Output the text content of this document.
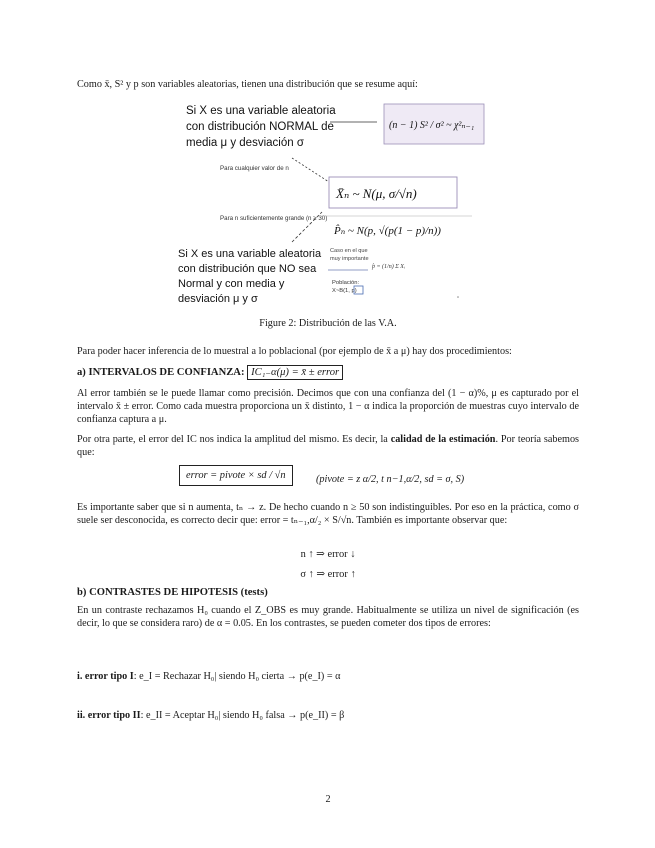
Como x̄, S² y p son variables aleatorias, tienen una distribución que se resume aquí:

Si X es una variable aleatoria
con distribución NORMAL de
media μ y desviación σ
(n − 1) S² / σ² ~ χ²ₙ₋₁
Para cualquier valor de n
X̄ₙ ~ N(μ, σ/√n)
Para n suficientemente grande (n ≥ 30)
P̂ₙ ~ N(p, √(p(1 − p)/n))
Si X es una variable aleatoria
con distribución que NO sea
Normal y con media y
desviación μ y σ
Caso en el que
muy importante
p̂ = (1/n) Σ Xᵢ
Población:
X~B(1, p)
Figure 2: Distribución de las V.A.

Para poder hacer inferencia de lo muestral a lo poblacional (por ejemplo de x̄ a μ) hay dos procedimientos:

a) INTERVALOS DE CONFIANZA: IC₁₋α(μ) = x̄ ± error

Al error también se le puede llamar como precisión. Decimos que con una confianza del (1 − α)%, μ es capturado por el intervalo x̄ ± error. Como cada muestra proporciona un x̄ distinto, 1 − α indica la proporción de muestras cuyo intervalo de confianza captura a μ.

Por otra parte, el error del IC nos indica la amplitud del mismo. Es decir, la calidad de la estimación. Por teoría sabemos que:

error = pivote × sd / √n	(pivote = z α/2, t n−1,α/2, sd = σ, S)

Es importante saber que si n aumenta, tₙ → z. De hecho cuando n ≥ 50 son indistinguibles. Por eso en la práctica, como σ suele ser desconocida, es correcto decir que: error = tₙ₋₁,α/₂ × S/√n. También es importante observar que:

n ↑ ⇒ error ↓
σ ↑ ⇒ error ↑
b) CONTRASTES DE HIPOTESIS (tests)

En un contraste rechazamos H₀ cuando el Z_OBS es muy grande. Habitualmente se utiliza un nivel de significación (es decir, lo que se considera raro) de α = 0.05. En los contrastes, se pueden cometer dos tipos de errores:

i. error tipo I: e_I = Rechazar H₀| siendo H₀ cierta → p(e_I) = α

ii. error tipo II: e_II = Aceptar H₀| siendo H₀ falsa → p(e_II) = β

2
